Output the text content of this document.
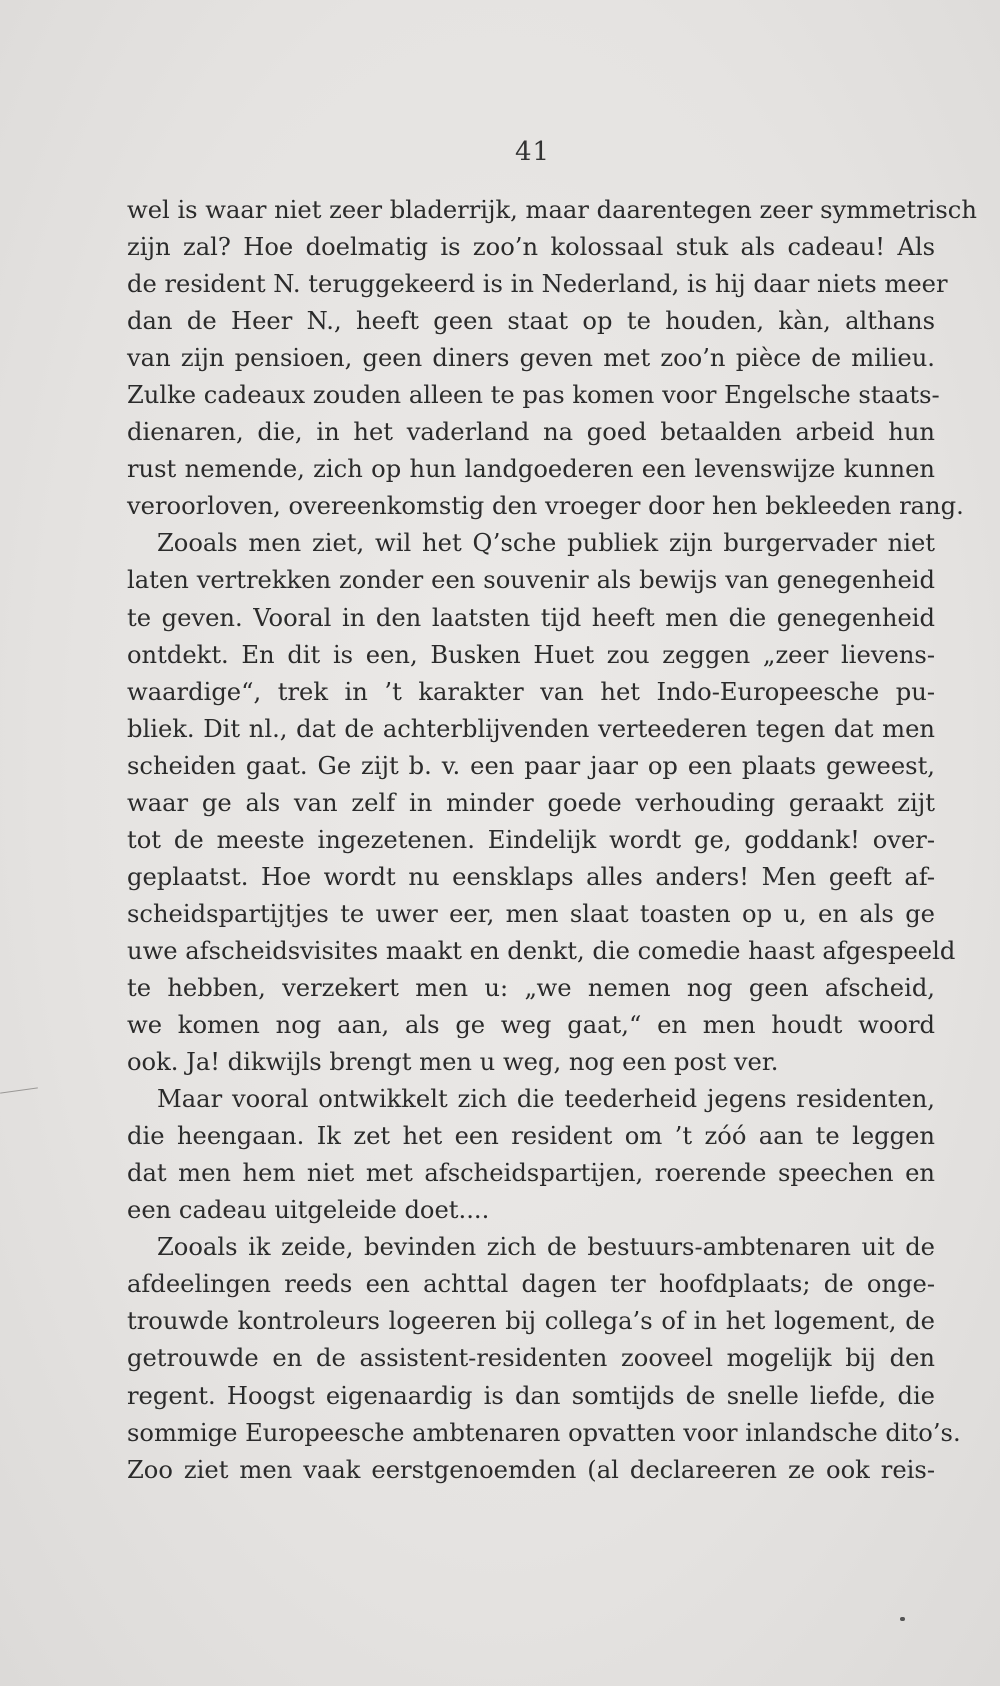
41
wel is waar niet zeer bladerrijk, maar daarentegen zeer symmetrisch
zijn zal? Hoe doelmatig is zoo’n kolossaal stuk als cadeau! Als
de resident N. teruggekeerd is in Nederland, is hij daar niets meer
dan de Heer N., heeft geen staat op te houden, kàn, althans
van zijn pensioen, geen diners geven met zoo’n pièce de milieu.
Zulke cadeaux zouden alleen te pas komen voor Engelsche staats-
dienaren, die, in het vaderland na goed betaalden arbeid hun
rust nemende, zich op hun landgoederen een levenswijze kunnen
veroorloven, overeenkomstig den vroeger door hen bekleeden rang.
Zooals men ziet, wil het Q’sche publiek zijn burgervader niet
laten vertrekken zonder een souvenir als bewijs van genegenheid
te geven. Vooral in den laatsten tijd heeft men die genegenheid
ontdekt. En dit is een, Busken Huet zou zeggen „zeer lievens-
waardige“, trek in ’t karakter van het Indo-Europeesche pu-
bliek. Dit nl., dat de achterblijvenden verteederen tegen dat men
scheiden gaat. Ge zijt b. v. een paar jaar op een plaats geweest,
waar ge als van zelf in minder goede verhouding geraakt zijt
tot de meeste ingezetenen. Eindelijk wordt ge, goddank! over-
geplaatst. Hoe wordt nu eensklaps alles anders! Men geeft af-
scheidspartijtjes te uwer eer, men slaat toasten op u, en als ge
uwe afscheidsvisites maakt en denkt, die comedie haast afgespeeld
te hebben, verzekert men u: „we nemen nog geen afscheid,
we komen nog aan, als ge weg gaat,“ en men houdt woord
ook. Ja! dikwijls brengt men u weg, nog een post ver.
Maar vooral ontwikkelt zich die teederheid jegens residenten,
die heengaan. Ik zet het een resident om ’t zóó aan te leggen
dat men hem niet met afscheidspartijen, roerende speechen en
een cadeau uitgeleide doet....
Zooals ik zeide, bevinden zich de bestuurs-ambtenaren uit de
afdeelingen reeds een achttal dagen ter hoofdplaats; de onge-
trouwde kontroleurs logeeren bij collega’s of in het logement, de
getrouwde en de assistent-residenten zooveel mogelijk bij den
regent. Hoogst eigenaardig is dan somtijds de snelle liefde, die
sommige Europeesche ambtenaren opvatten voor inlandsche dito’s.
Zoo ziet men vaak eerstgenoemden (al declareeren ze ook reis-
